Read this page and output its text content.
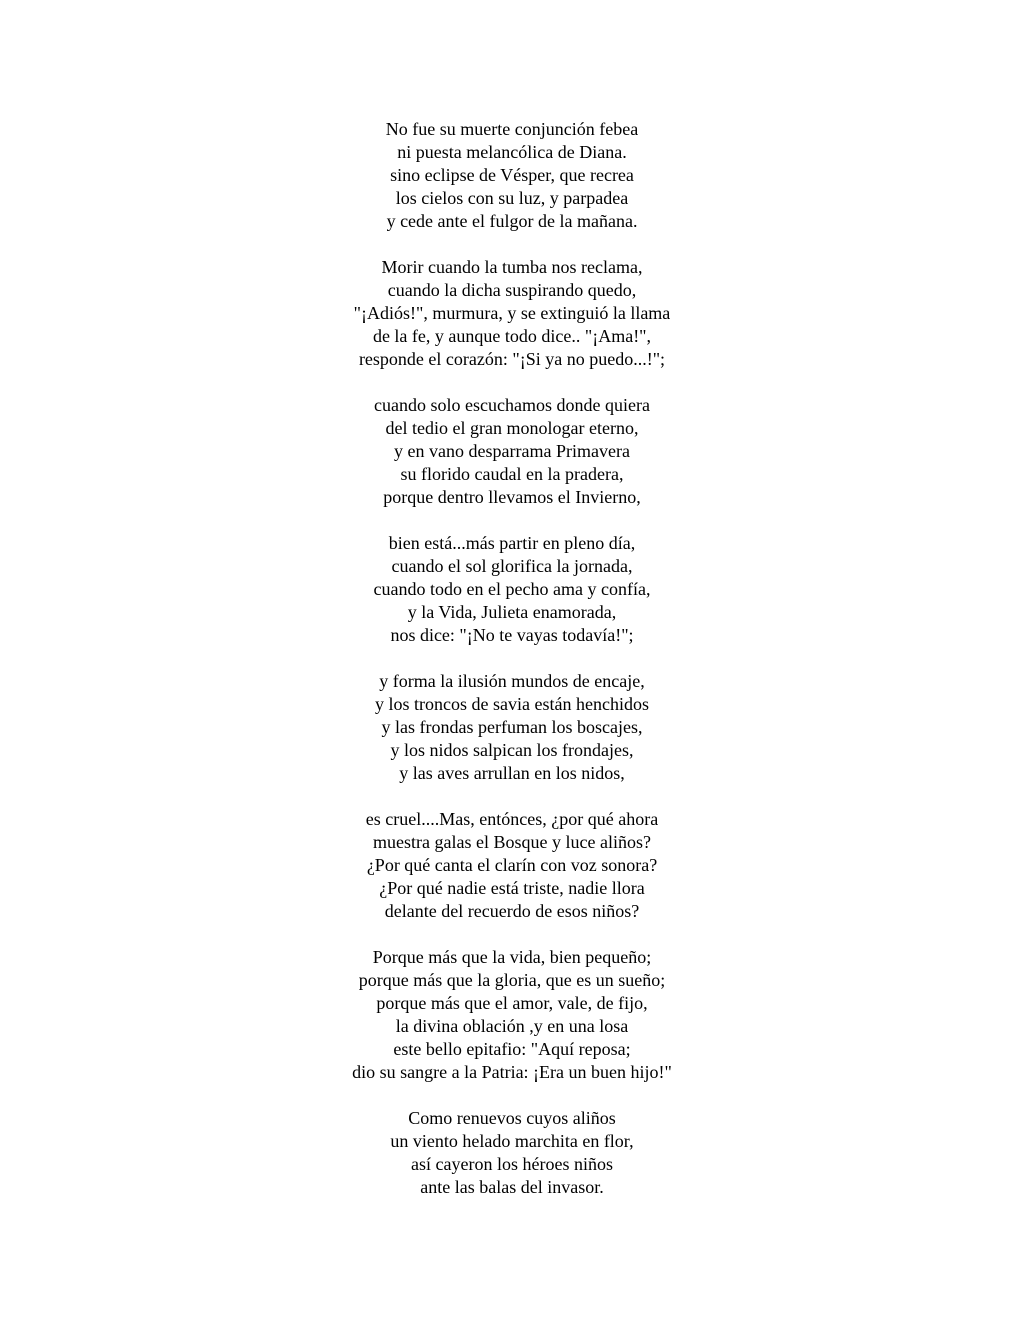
No fue su muerte conjunción febea
ni puesta melancólica de Diana.
sino eclipse de Vésper, que recrea
los cielos con su luz, y parpadea
y cede ante el fulgor de la mañana.
Morir cuando la tumba nos reclama,
cuando la dicha suspirando quedo,
"¡Adiós!", murmura, y se extinguió la llama
de la fe, y aunque todo dice.. "¡Ama!",
responde el corazón: "¡Si ya no puedo...!";
cuando solo escuchamos donde quiera
del tedio el gran monologar eterno,
y en vano desparrama Primavera
su florido caudal en la pradera,
porque dentro llevamos el Invierno,
bien está...más partir en pleno día,
cuando el sol glorifica la jornada,
cuando todo en el pecho ama y confía,
y la Vida, Julieta enamorada,
nos dice: "¡No te vayas todavía!";
y forma la ilusión mundos de encaje,
y los troncos de savia están henchidos
y las frondas perfuman los boscajes,
y los nidos salpican los frondajes,
y las aves arrullan en los nidos,
es cruel....Mas, entónces, ¿por qué ahora
muestra galas el Bosque y luce aliños?
¿Por qué canta el clarín con voz sonora?
¿Por qué nadie está triste, nadie llora
delante del recuerdo de esos niños?
Porque más que la vida, bien pequeño;
porque más que la gloria, que es un sueño;
porque más que el amor, vale, de fijo,
la divina oblación ,y en una losa
este bello epitafio: "Aquí reposa;
dio su sangre a la Patria: ¡Era un buen hijo!"
Como renuevos cuyos aliños
un viento helado marchita en flor,
así cayeron los héroes niños
ante las balas del invasor.
